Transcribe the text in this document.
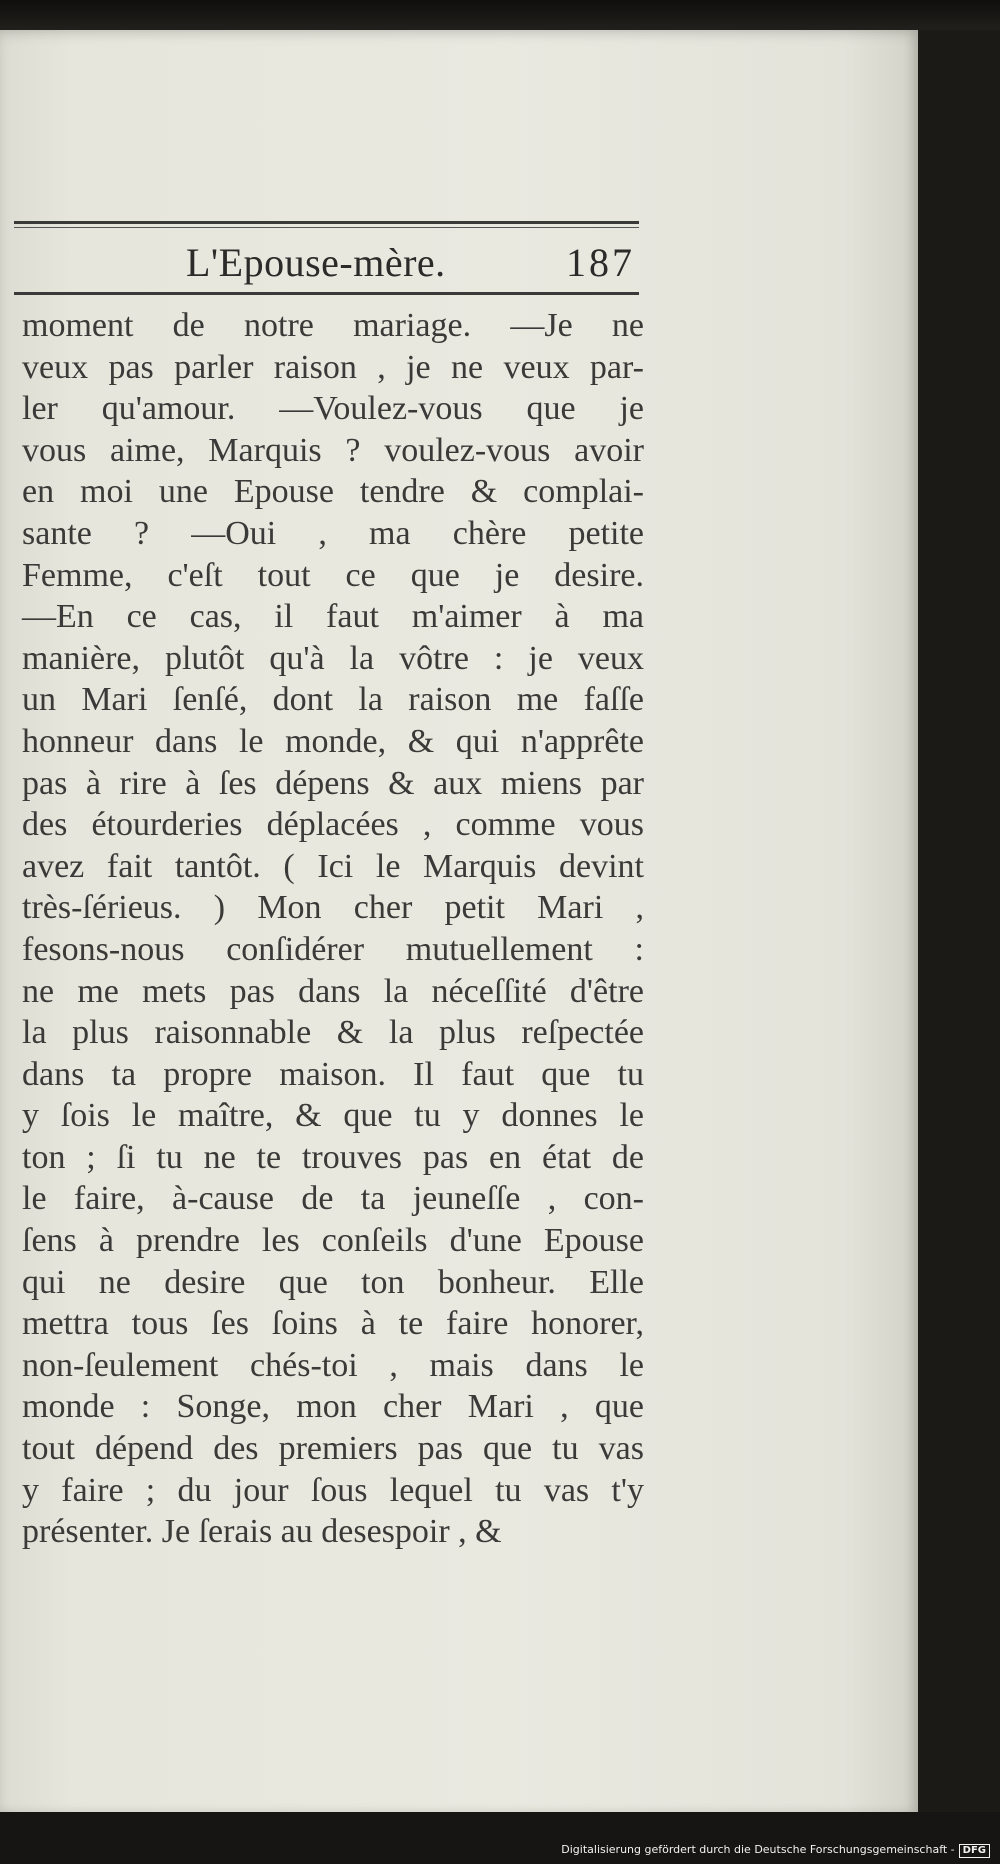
L'Epouse-mère.	187
moment de notre mariage. —Je ne
veux pas parler raison , je ne veux par-
ler qu'amour. —Voulez-vous que je
vous aime, Marquis ? voulez-vous avoir
en moi une Epouse tendre & complai-
sante ? —Oui , ma chère petite
Femme, c'eſt tout ce que je desire.
—En ce cas, il faut m'aimer à ma
manière, plutôt qu'à la vôtre : je veux
un Mari ſenſé, dont la raison me faſſe
honneur dans le monde, & qui n'apprête
pas à rire à ſes dépens & aux miens par
des étourderies déplacées , comme vous
avez fait tantôt. ( Ici le Marquis devint
très-ſérieus. ) Mon cher petit Mari ,
fesons-nous conſidérer mutuellement :
ne me mets pas dans la néceſſité d'être
la plus raisonnable & la plus reſpectée
dans ta propre maison. Il faut que tu
y ſois le maître, & que tu y donnes le
ton ; ſi tu ne te trouves pas en état de
le faire, à-cause de ta jeuneſſe , con-
ſens à prendre les conſeils d'une Epouse
qui ne desire que ton bonheur. Elle
mettra tous ſes ſoins à te faire honorer,
non-ſeulement chés-toi , mais dans le
monde : Songe, mon cher Mari , que
tout dépend des premiers pas que tu vas
y faire ; du jour ſous lequel tu vas t'y
présenter. Je ſerais au desespoir , &
Digitalisierung gefördert durch die Deutsche Forschungsgemeinschaft - DFG
